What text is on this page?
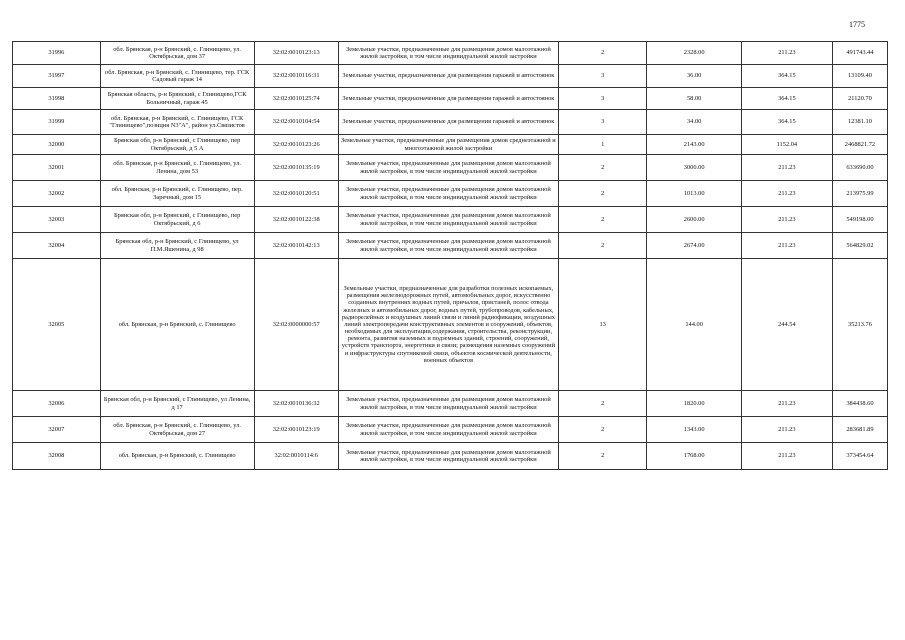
1775
31996	обл. Брянская, р-н Брянский, с. Глинищево, ул. Октябрьская, дом 37	32:02:0010123:13	Земельные участки, предназначенные для размещения домов малоэтажной жилой застройки, в том числе индивидуальной жилой застройки	2	2328.00	211.23	491743.44
31997	обл. Брянская, р-н Брянский, с. Глинищево, тер. ГСК Садовый гараж 14	32:02:0010116:31	Земельные участки, предназначенные для размещения гаражей и автостоянок	3	36.00	364.15	13109.40
31998	Брянская область, р-н Брянский, с Глинищево,ГСК Больничный, гараж 45	32:02:0010125:74	Земельные участки, предназначенные для размещения гаражей и автостоянок	3	58.00	364.15	21120.70
31999	обл. Брянская, р-н Брянский, с. Глинищево, ГСК "Глинищево",позиция N3"А", район ул.Связистов	32:02:0010104:54	Земельные участки, предназначенные для размещения гаражей и автостоянок	3	34.00	364.15	12381.10
32000	Брянская обл, р-н Брянский, с Глинищево, пер Октябрьский, д 5 А	32:02:0010123:26	Земельные участки, предназначенные для размещения домов среднеэтажной и многоэтажной жилой застройки	1	2143.00	1152.04	2468821.72
32001	обл. Брянская, р-н Брянский, с. Глинищево, ул. Ленина, дом 53	32:02:0010135:19	Земельные участки, предназначенные для размещения домов малоэтажной жилой застройки, в том числе индивидуальной жилой застройки	2	3000.00	211.23	633690.00
32002	обл. Брянская, р-н Брянский, с. Глинищево, пер. Заречный, дом 15	32:02:0010120:51	Земельные участки, предназначенные для размещения домов малоэтажной жилой застройки, в том числе индивидуальной жилой застройки	2	1013.00	211.23	213975.99
32003	Брянская обл, р-н Брянский, с Глинищево, пер Октябрьский, д 6	32:02:0010122:38	Земельные участки, предназначенные для размещения домов малоэтажной жилой застройки, в том числе индивидуальной жилой застройки	2	2600.00	211.23	549198.00
32004	Брянская обл, р-н Брянский, с Глинищево, ул П.М.Яшенина, д 98	32:02:0010142:13	Земельные участки, предназначенные для размещения домов малоэтажной жилой застройки, в том числе индивидуальной жилой застройки	2	2674.00	211.23	564829.02
32005	обл. Брянская, р-н Брянский, с. Глинищево	32:02:0000000:57	Земельные участки, предназначенные для разработки полезных ископаемых, размещения железнодорожных путей, автомобильных дорог, искусственно созданных внутренних водных путей, причалов, пристаней, полос отвода железных и автомобильных дорог, водных путей, трубопроводов, кабельных, радиорелейных и воздушных линий связи и линий радиофикации, воздушных линий электропередачи конструктивных элементов и сооружений, объектов, необходимых для эксплуатации,содержания, строительства, реконструкции, ремонта, развития наземных и подземных зданий, строений, сооружений, устройств транспорта, энергетики и связи; размещения наземных сооружений и инфраструктуры спутниковой связи, объектов космической деятельности, военных объектов	13	144.00	244.54	35213.76
32006	Брянская обл, р-н Брянский, с Глинищево, ул Ленина, д 17	32:02:0010136:32	Земельные участки, предназначенные для размещения домов малоэтажной жилой застройки, в том числе индивидуальной жилой застройки	2	1820.00	211.23	384438.60
32007	обл. Брянская, р-н Брянский, с. Глинищево, ул. Октябрьская, дом 27	32:02:0010123:19	Земельные участки, предназначенные для размещения домов малоэтажной жилой застройки, в том числе индивидуальной жилой застройки	2	1343.00	211.23	283681.89
32008	обл. Брянская, р-н Брянский, с. Глинищево	32:02:0010114:6	Земельные участки, предназначенные для размещения домов малоэтажной жилой застройки, в том числе индивидуальной жилой застройки	2	1768.00	211.23	373454.64
